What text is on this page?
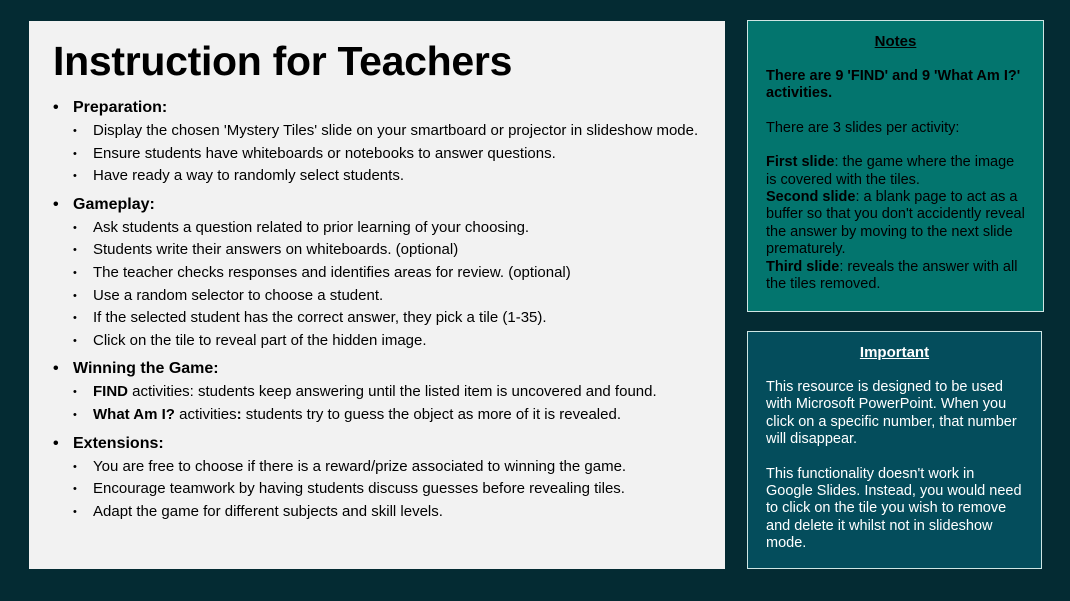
Instruction for Teachers
• Preparation:
• Display the chosen 'Mystery Tiles' slide on your smartboard or projector in slideshow mode.
• Ensure students have whiteboards or notebooks to answer questions.
• Have ready a way to randomly select students.
• Gameplay:
• Ask students a question related to prior learning of your choosing.
• Students write their answers on whiteboards. (optional)
• The teacher checks responses and identifies areas for review. (optional)
• Use a random selector to choose a student.
• If the selected student has the correct answer, they pick a tile (1-35).
• Click on the tile to reveal part of the hidden image.
• Winning the Game:
• FIND activities: students keep answering until the listed item is uncovered and found.
• What Am I? activities: students try to guess the object as more of it is revealed.
• Extensions:
• You are free to choose if there is a reward/prize associated to winning the game.
• Encourage teamwork by having students discuss guesses before revealing tiles.
• Adapt the game for different subjects and skill levels.
Notes
There are 9 'FIND' and 9 'What Am I?' activities.
There are 3 slides per activity:
First slide: the game where the image is covered with the tiles.
Second slide: a blank page to act as a buffer so that you don't accidently reveal the answer by moving to the next slide prematurely.
Third slide: reveals the answer with all the tiles removed.
Important
This resource is designed to be used with Microsoft PowerPoint. When you click on a specific number, that number will disappear.
This functionality doesn't work in Google Slides. Instead, you would need to click on the tile you wish to remove and delete it whilst not in slideshow mode.
